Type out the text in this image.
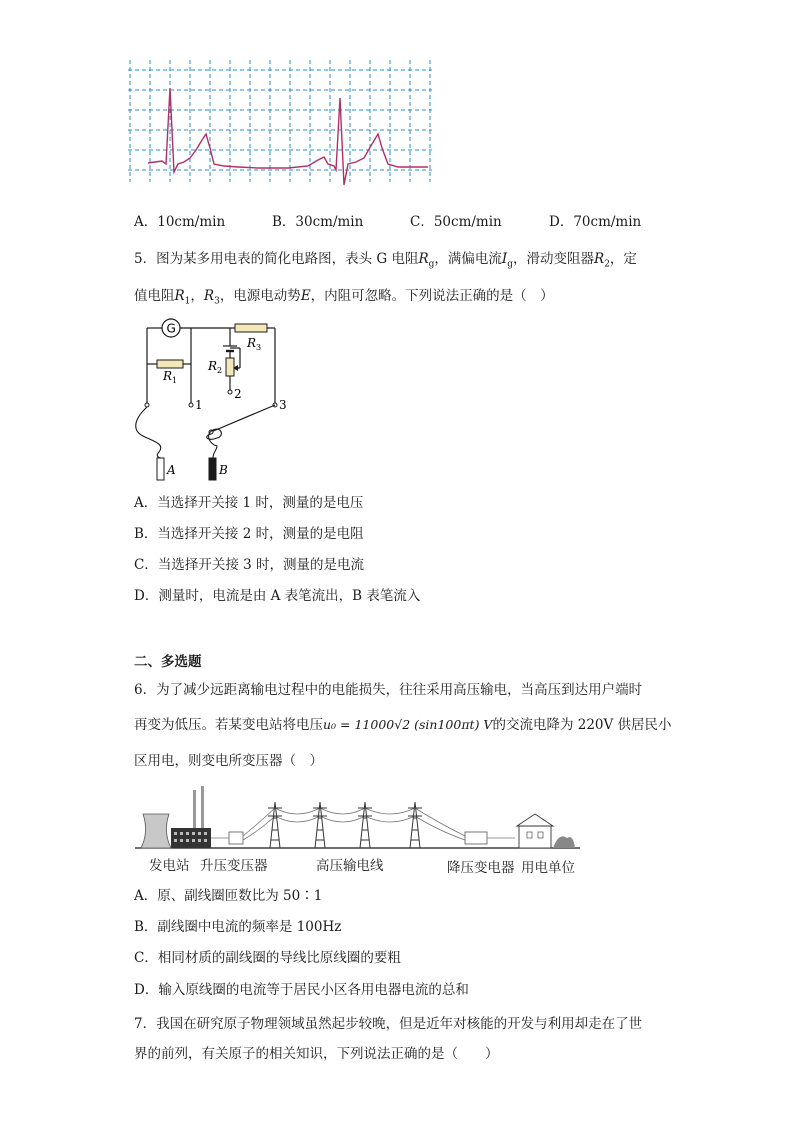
A．10cm/min	B．30cm/min	C．50cm/min	D．70cm/min
5．图为某多用电表的简化电路图，表头 G 电阻$R_g$，满偏电流$I_g$，滑动变阻器$R_2$，定
值电阻$R_1$，$R_3$，电源电动势E，内阻可忽略。下列说法正确的是（　）
G
$R_1$
$R_3$
$R_2$
1
2
3
A	B
A．当选择开关接 1 时，测量的是电压
B．当选择开关接 2 时，测量的是电阻
C．当选择开关接 3 时，测量的是电流
D．测量时，电流是由 A 表笔流出，B 表笔流入
二、多选题
6．为了减少远距离输电过程中的电能损失，往往采用高压输电，当高压到达用户端时
再变为低压。若某变电站将电压u₀ = 11000√2 (sin100πt) V的交流电降为 220V 供居民小
区用电，则变电所变压器（　）
发电站 升压变压器	高压输电线	降压变电器 用电单位
A．原、副线圈匝数比为 50∶1
B．副线圈中电流的频率是 100Hz
C．相同材质的副线圈的导线比原线圈的要粗
D．输入原线圈的电流等于居民小区各用电器电流的总和
7．我国在研究原子物理领域虽然起步较晚，但是近年对核能的开发与利用却走在了世
界的前列，有关原子的相关知识，下列说法正确的是（　　）
